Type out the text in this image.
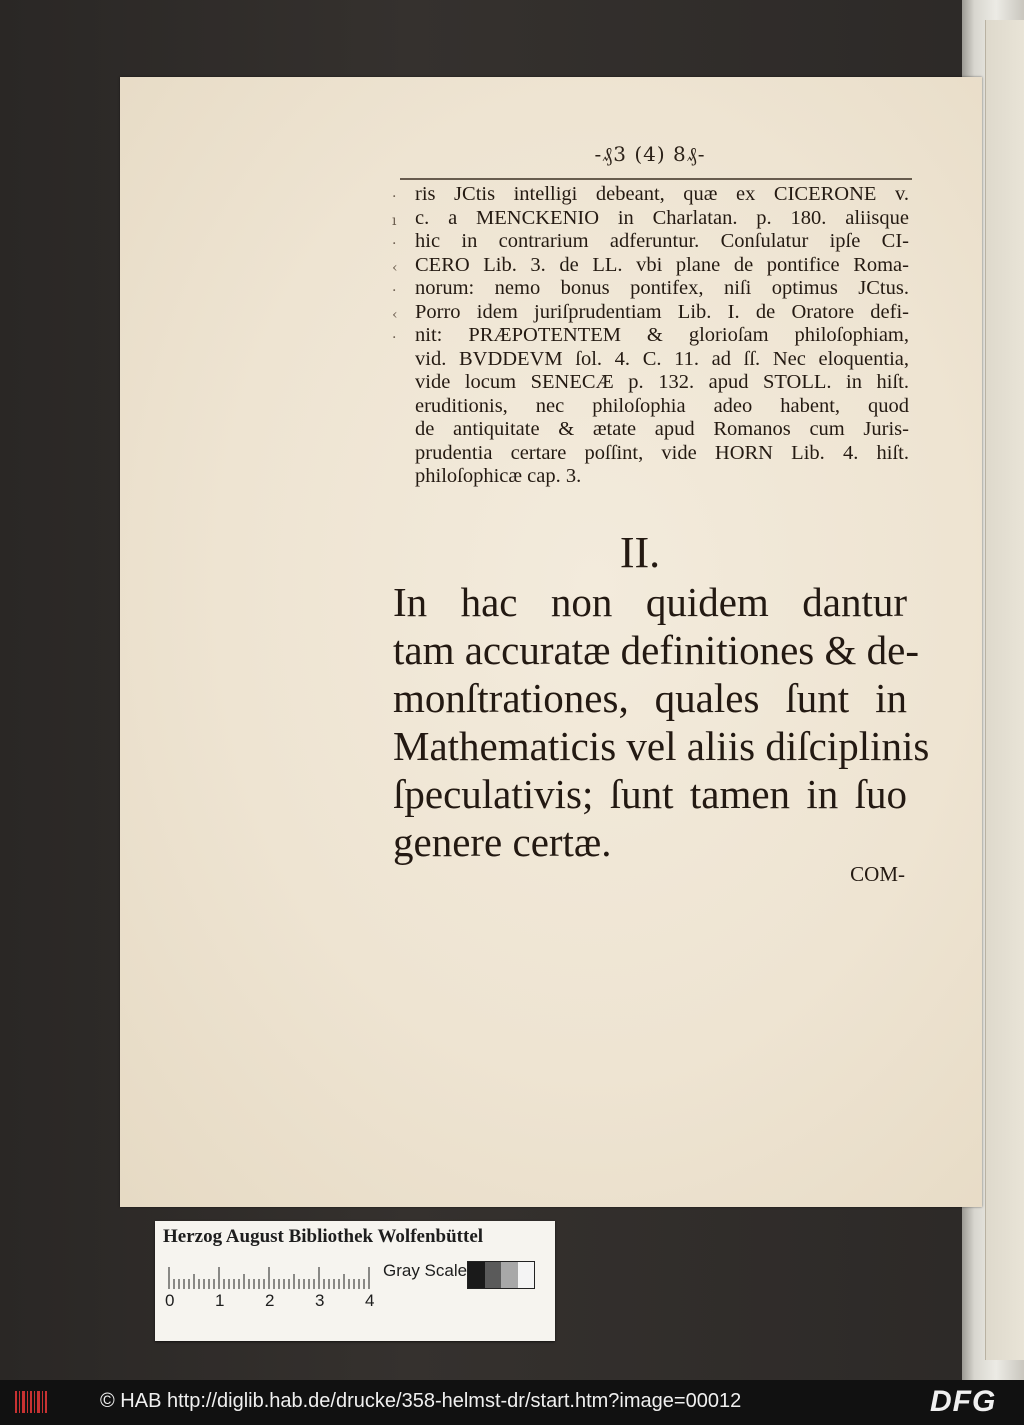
-₰3 (4) 8₰-
·
ı
·
‹
·
‹
·
ris JCtis intelligi debeant, quæ ex CICERONE v.
c. a MENCKENIO in Charlatan. p. 180. aliisque
hic in contrarium adferuntur. Conſulatur ipſe CI-
CERO Lib. 3. de LL. vbi plane de pontifice Roma-
norum: nemo bonus pontifex, niſi optimus JCtus.
Porro idem juriſprudentiam Lib. I. de Oratore defi-
nit: PRÆPOTENTEM & glorioſam philoſophiam,
vid. BVDDEVM ſol. 4. C. 11. ad ſſ. Nec eloquentia,
vide locum SENECÆ p. 132. apud STOLL. in hiſt.
eruditionis, nec philoſophia adeo habent, quod
de antiquitate & ætate apud Romanos cum Juris-
prudentia certare poſſint, vide HORN Lib. 4. hiſt.
philoſophicæ cap. 3.
II.
In hac non quidem dantur
tam accuratæ definitiones & de-
monſtrationes, quales ſunt in
Mathematicis vel aliis diſciplinis
ſpeculativis; ſunt tamen in ſuo
genere certæ.
COM-
Herzog August Bibliothek Wolfenbüttel
0 1 2 3 4
Gray Scale
© HAB http://diglib.hab.de/drucke/358-helmst-dr/start.htm?image=00012	DFG
